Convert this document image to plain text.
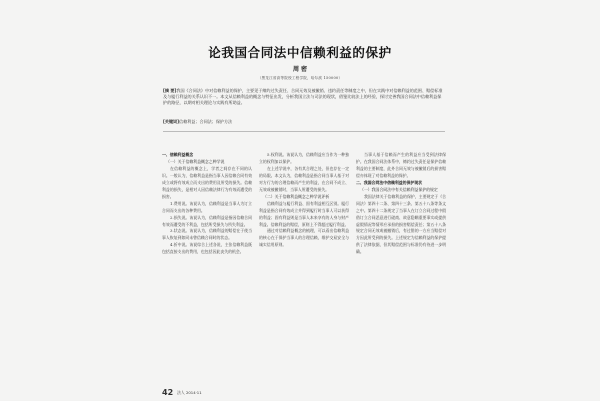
论我国合同法中信赖利益的保护
周 密
（黑龙江省高等院校工程学院，哈尔滨 150000）

[摘 要]我国《合同法》中对信赖利益的保护，主要见于缔约过失责任、合同无效及被撤销、违约责任等制度之中，但在实践中对信赖利益的范围、赔偿标准及与履行利益的关系认识不一。本文从信赖利益的概念与特征出发，分析我国立法与司法的现状，借鉴比较法上的经验，探讨完善我国合同法中信赖利益保护的路径，以期对相关理论与实践有所助益。

[关键词]信赖利益；合同法；保护方法

一、信赖利益概念

（一）关于信赖利益概念之种学说

在信赖利益的概念上，学者之间存在不同的认识。一般认为，信赖利益是指当事人因信赖合同有效成立或将有效成立而支出的费用及所受的损失。信赖利益的损失，是相对人因信赖法律行为有效而遭受的损害。

1.费用说。该说认为，信赖利益是当事人为订立合同而支出的各种费用。

2.损失说。该说认为，信赖利益是指因信赖合同有效而遭受的不利益，包括所受损失与所失利益。

3.状态说。该说认为，信赖利益的赔偿在于使当事人恢复到如同未曾信赖合同时的状态。

4.折中说。该说综合上述各说，主张信赖利益既包括直接支出的费用，也包括因此丧失的机会。

5.权利说。该说认为，信赖利益应当作为一种独立的权利加以保护。

在上述学说中，各有其合理之处，但也存在一定的局限。本文认为，信赖利益是指合同当事人基于对对方行为的合理信赖而产生的利益，在合同不成立、无效或被撤销时，当事人所遭受的损失。

（二）关于信赖利益概念之种学说评析

信赖利益与履行利益、固有利益相互区别。履行利益是指合同有效成立并得到履行时当事人可以获得的利益；固有利益则是当事人本来享有的人身与财产利益。信赖利益的赔偿，原则上不得超过履行利益。

通过对信赖利益概念的梳理，可以看出信赖利益的核心在于保护当事人的合理信赖，维护交易安全与诚实信用原则。

当事人基于信赖而产生的利益应当受到法律保护。在我国合同法体系中，缔约过失责任是保护信赖利益的主要制度，此外合同无效与被撤销后的损害赔偿亦体现了对信赖利益的保护。

二、我国合同法中信赖利益的保护现状

（一）我国合同法中有关信赖利益保护的规定

我国法律关于信赖利益的保护，主要规定于《合同法》第四十二条、第四十三条、第五十八条等条文之中。第四十二条规定了当事人在订立合同过程中假借订立合同恶意进行磋商、故意隐瞒重要事实或提供虚假情况等情形应承担的损害赔偿责任；第五十八条规定合同无效或被撤销后，有过错的一方应当赔偿对方因此所受到的损失。上述规定为信赖利益的保护提供了法律依据，但其赔偿范围与标准仍有待进一步明确。

42 法人 2014·11
